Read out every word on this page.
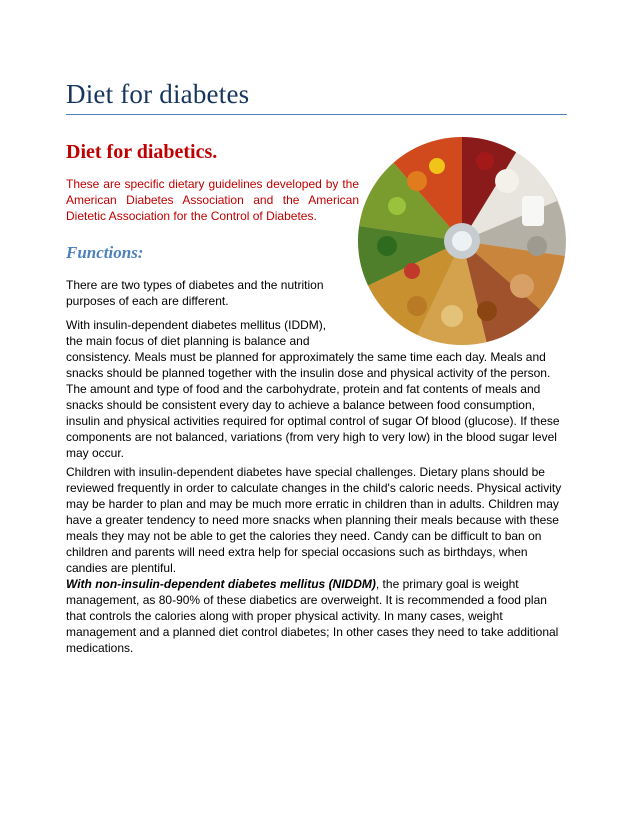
Diet for diabetes
Diet for diabetics.

These are specific dietary guidelines developed by the American Diabetes Association and the American Dietetic Association for the Control of Diabetes.

Functions:

There are two types of diabetes and the nutrition

purposes of each are different.

With insulin-dependent diabetes mellitus (IDDM),

the main focus of diet planning is balance and

consistency. Meals must be planned for approximately the same time each day. Meals and snacks should be planned together with the insulin dose and physical activity of the person. The amount and type of food and the carbohydrate, protein and fat contents of meals and snacks should be consistent every day to achieve a balance between food consumption, insulin and physical activities required for optimal control of sugar Of blood (glucose). If these components are not balanced, variations (from very high to very low) in the blood sugar level may occur.

Children with insulin-dependent diabetes have special challenges. Dietary plans should be reviewed frequently in order to calculate changes in the child's caloric needs. Physical activity may be harder to plan and may be much more erratic in children than in adults. Children may have a greater tendency to need more snacks when planning their meals because with these meals they may not be able to get the calories they need. Candy can be difficult to ban on children and parents will need extra help for special occasions such as birthdays, when candies are plentiful.

With non-insulin-dependent diabetes mellitus (NIDDM), the primary goal is weight management, as 80-90% of these diabetics are overweight. It is recommended a food plan that controls the calories along with proper physical activity. In many cases, weight management and a planned diet control diabetes; In other cases they need to take additional medications.
